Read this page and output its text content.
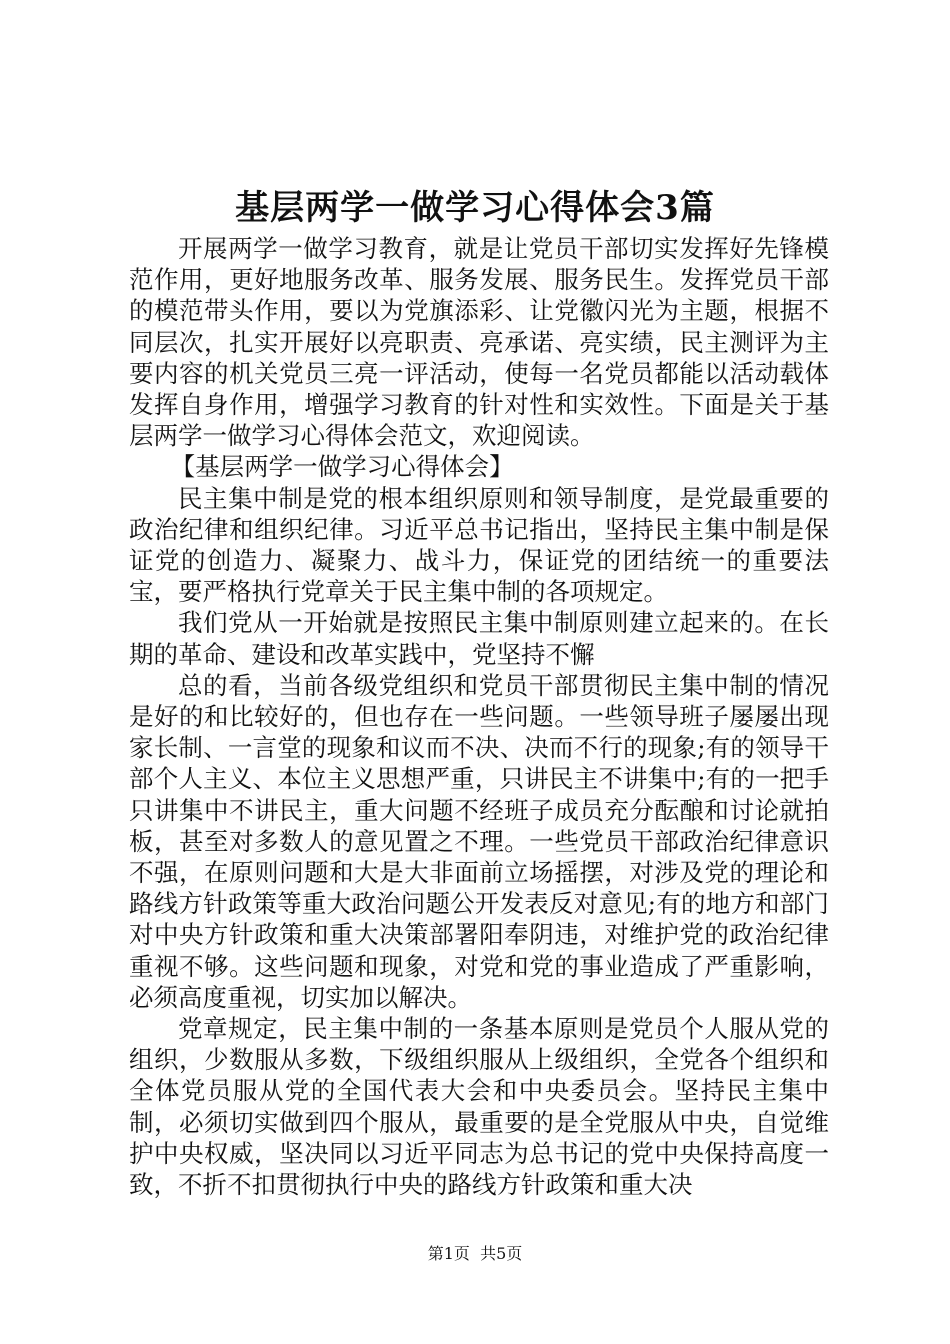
基层两学一做学习心得体会3篇

开展两学一做学习教育，就是让党员干部切实发挥好先锋模范作用，更好地服务改革、服务发展、服务民生。发挥党员干部的模范带头作用，要以为党旗添彩、让党徽闪光为主题，根据不同层次，扎实开展好以亮职责、亮承诺、亮实绩，民主测评为主要内容的机关党员三亮一评活动，使每一名党员都能以活动载体发挥自身作用，增强学习教育的针对性和实效性。下面是关于基层两学一做学习心得体会范文，欢迎阅读。

【基层两学一做学习心得体会】

民主集中制是党的根本组织原则和领导制度，是党最重要的政治纪律和组织纪律。习近平总书记指出，坚持民主集中制是保证党的创造力、凝聚力、战斗力，保证党的团结统一的重要法宝，要严格执行党章关于民主集中制的各项规定。

我们党从一开始就是按照民主集中制原则建立起来的。在长期的革命、建设和改革实践中，党坚持不懈

总的看，当前各级党组织和党员干部贯彻民主集中制的情况是好的和比较好的，但也存在一些问题。一些领导班子屡屡出现家长制、一言堂的现象和议而不决、决而不行的现象;有的领导干部个人主义、本位主义思想严重，只讲民主不讲集中;有的一把手只讲集中不讲民主，重大问题不经班子成员充分酝酿和讨论就拍板，甚至对多数人的意见置之不理。一些党员干部政治纪律意识不强，在原则问题和大是大非面前立场摇摆，对涉及党的理论和路线方针政策等重大政治问题公开发表反对意见;有的地方和部门对中央方针政策和重大决策部署阳奉阴违，对维护党的政治纪律重视不够。这些问题和现象，对党和党的事业造成了严重影响，必须高度重视，切实加以解决。

党章规定，民主集中制的一条基本原则是党员个人服从党的组织，少数服从多数，下级组织服从上级组织，全党各个组织和全体党员服从党的全国代表大会和中央委员会。坚持民主集中制，必须切实做到四个服从，最重要的是全党服从中央，自觉维护中央权威，坚决同以习近平同志为总书记的党中央保持高度一致，不折不扣贯彻执行中央的路线方针政策和重大决

第1页  共5页
